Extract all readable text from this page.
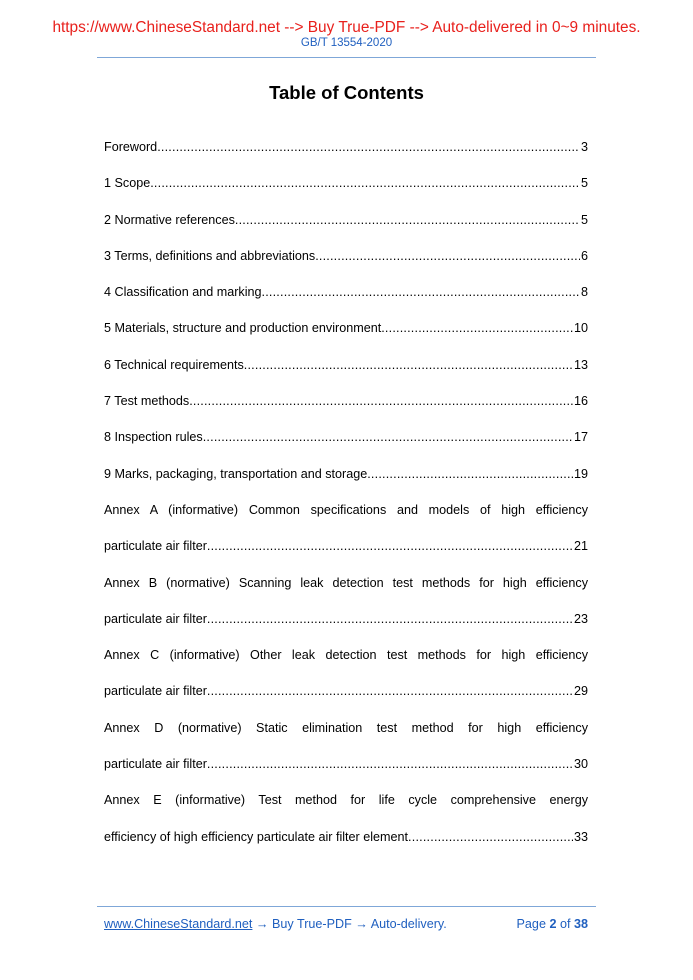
https://www.ChineseStandard.net --> Buy True-PDF --> Auto-delivered in 0~9 minutes.
GB/T 13554-2020
Table of Contents
Foreword .....	3
1 Scope .....	5
2 Normative references .....	5
3 Terms, definitions and abbreviations .....	6
4 Classification and marking .....	8
5 Materials, structure and production environment .....	10
6 Technical requirements .....	13
7 Test methods .....	16
8 Inspection rules .....	17
9 Marks, packaging, transportation and storage .....	19
Annex A (informative) Common specifications and models of high efficiency
particulate air filter .....	21
Annex B (normative) Scanning leak detection test methods for high efficiency
particulate air filter .....	23
Annex C (informative) Other leak detection test methods for high efficiency
particulate air filter .....	29
Annex D (normative) Static elimination test method for high efficiency
particulate air filter .....	30
Annex E (informative) Test method for life cycle comprehensive energy
efficiency of high efficiency particulate air filter element .....	33
www.ChineseStandard.net → Buy True-PDF → Auto-delivery.	Page 2 of 38
